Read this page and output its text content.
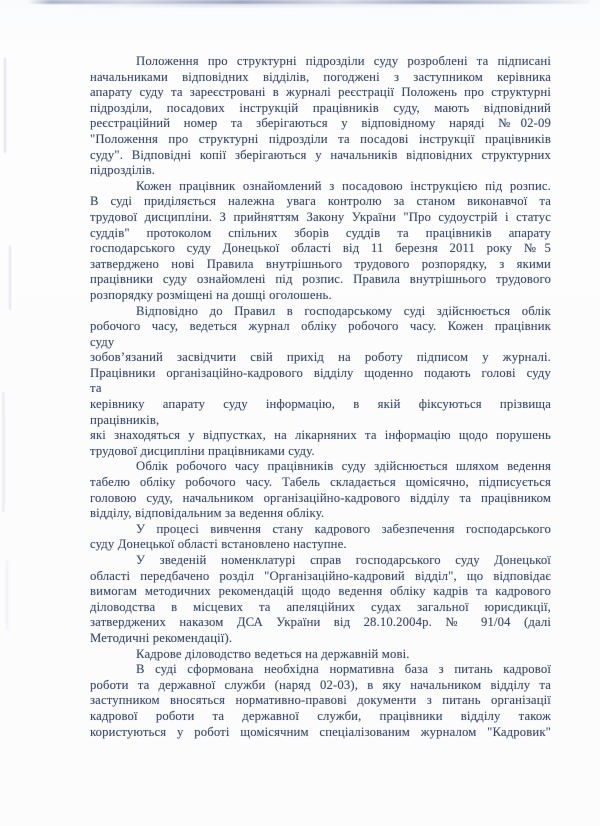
Положення про структурні підрозділи суду розроблені та підписані
начальниками відповідних відділів, погоджені з заступником керівника
апарату суду та зареєстровані в журналі реєстрації Положень про структурні
підрозділи, посадових інструкцій працівників суду, мають відповідний
реєстраційний номер та зберігаються у відповідному наряді №02-09
"Положення про структурні підрозділи та посадові інструкції працівників
суду". Відповідні копії зберігаються у начальників відповідних структурних
підрозділів.
Кожен працівник ознайомлений з посадовою інструкцією під розпис.
В суді приділяється належна увага контролю за станом виконавчої та
трудової дисципліни. З прийняттям Закону України "Про судоустрій і статус
суддів" протоколом спільних зборів суддів та працівників апарату
господарського суду Донецької області від 11 березня 2011 року №5
затверджено нові Правила внутрішнього трудового розпорядку, з якими
працівники суду ознайомлені під розпис. Правила внутрішнього трудового
розпорядку розміщені на дошці оголошень.
Відповідно до Правил в господарському суді здійснюється облік
робочого часу, ведеться журнал обліку робочого часу. Кожен працівник
суду
зобов’язаний засвідчити свій прихід на роботу підписом у журналі.
Працівники організаційно-кадрового відділу щоденно подають голові суду
та
керівнику апарату суду інформацію, в якій фіксуються прізвища
працівників,
які знаходяться у відпустках, на лікарняних та інформацію щодо порушень
трудової дисципліни працівниками суду.
Облік робочого часу працівників суду здійснюється шляхом ведення
табелю обліку робочого часу. Табель складається щомісячно, підписується
головою суду, начальником організаційно-кадрового відділу та працівником
відділу, відповідальним за ведення обліку.
У процесі вивчення стану кадрового забезпечення господарського
суду Донецької області встановлено наступне.
У зведеній номенклатурі справ господарського суду Донецької
області передбачено розділ "Організаційно-кадровий відділ", що відповідає
вимогам методичних рекомендацій щодо ведення обліку кадрів та кадрового
діловодства в місцевих та апеляційних судах загальної юрисдикції,
затверджених наказом ДСА України від 28.10.2004р. № 91/04 (далі
Методичні рекомендації).
Кадрове діловодство ведеться на державній мові.
В суді сформована необхідна нормативна база з питань кадрової
роботи та державної служби (наряд 02-03), в яку начальником відділу та
заступником вносяться нормативно-правові документи з питань організації
кадрової роботи та державної служби, працівники відділу також
користуються у роботі щомісячним спеціалізованим журналом "Кадровик"
